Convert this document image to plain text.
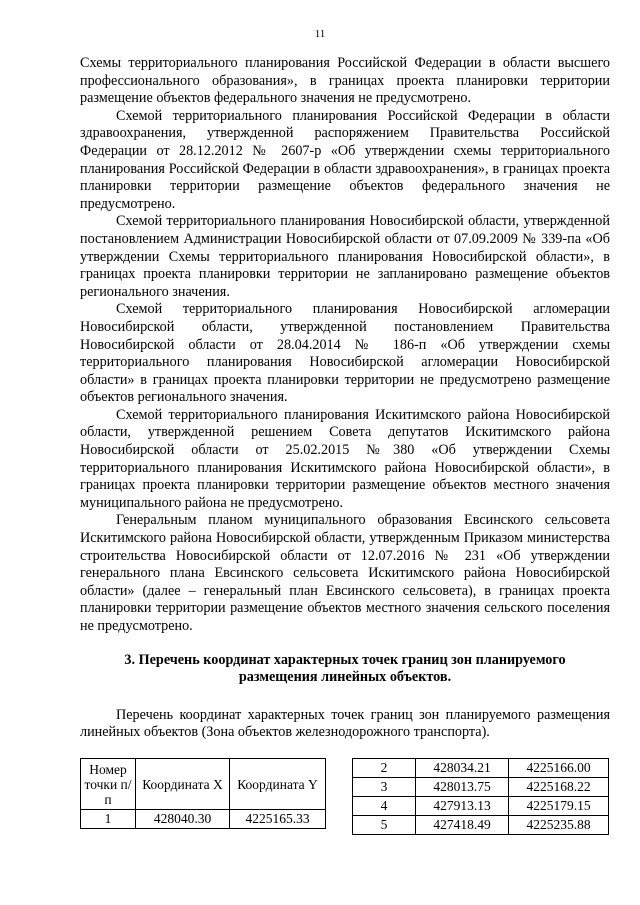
11

Схемы территориального планирования Российской Федерации в области высшего профессионального образования», в границах проекта планировки территории размещение объектов федерального значения не предусмотрено.

Схемой территориального планирования Российской Федерации в области здравоохранения, утвержденной распоряжением Правительства Российской Федерации от 28.12.2012 № 2607-р «Об утверждении схемы территориального планирования Российской Федерации в области здравоохранения», в границах проекта планировки территории размещение объектов федерального значения не предусмотрено.

Схемой территориального планирования Новосибирской области, утвержденной постановлением Администрации Новосибирской области от 07.09.2009 № 339-па «Об утверждении Схемы территориального планирования Новосибирской области», в границах проекта планировки территории не запланировано размещение объектов регионального значения.

Схемой территориального планирования Новосибирской агломерации Новосибирской области, утвержденной постановлением Правительства Новосибирской области от 28.04.2014 № 186-п «Об утверждении схемы территориального планирования Новосибирской агломерации Новосибирской области» в границах проекта планировки территории не предусмотрено размещение объектов регионального значения.

Схемой территориального планирования Искитимского района Новосибирской области, утвержденной решением Совета депутатов Искитимского района Новосибирской области от 25.02.2015 №380 «Об утверждении Схемы территориального планирования Искитимского района Новосибирской области», в границах проекта планировки территории размещение объектов местного значения муниципального района не предусмотрено.

Генеральным планом муниципального образования Евсинского сельсовета Искитимского района Новосибирской области, утвержденным Приказом министерства строительства Новосибирской области от 12.07.2016 № 231 «Об утверждении генерального плана Евсинского сельсовета Искитимского района Новосибирской области» (далее – генеральный план Евсинского сельсовета), в границах проекта планировки территории размещение объектов местного значения сельского поселения не предусмотрено.

3. Перечень координат характерных точек границ зон планируемого размещения линейных объектов.

Перечень координат характерных точек границ зон планируемого размещения линейных объектов (Зона объектов железнодорожного транспорта).

Номер точки п/п	Координата X	Координата Y
1	428040.30	4225165.33
2	428034.21	4225166.00
3	428013.75	4225168.22
4	427913.13	4225179.15
5	427418.49	4225235.88
